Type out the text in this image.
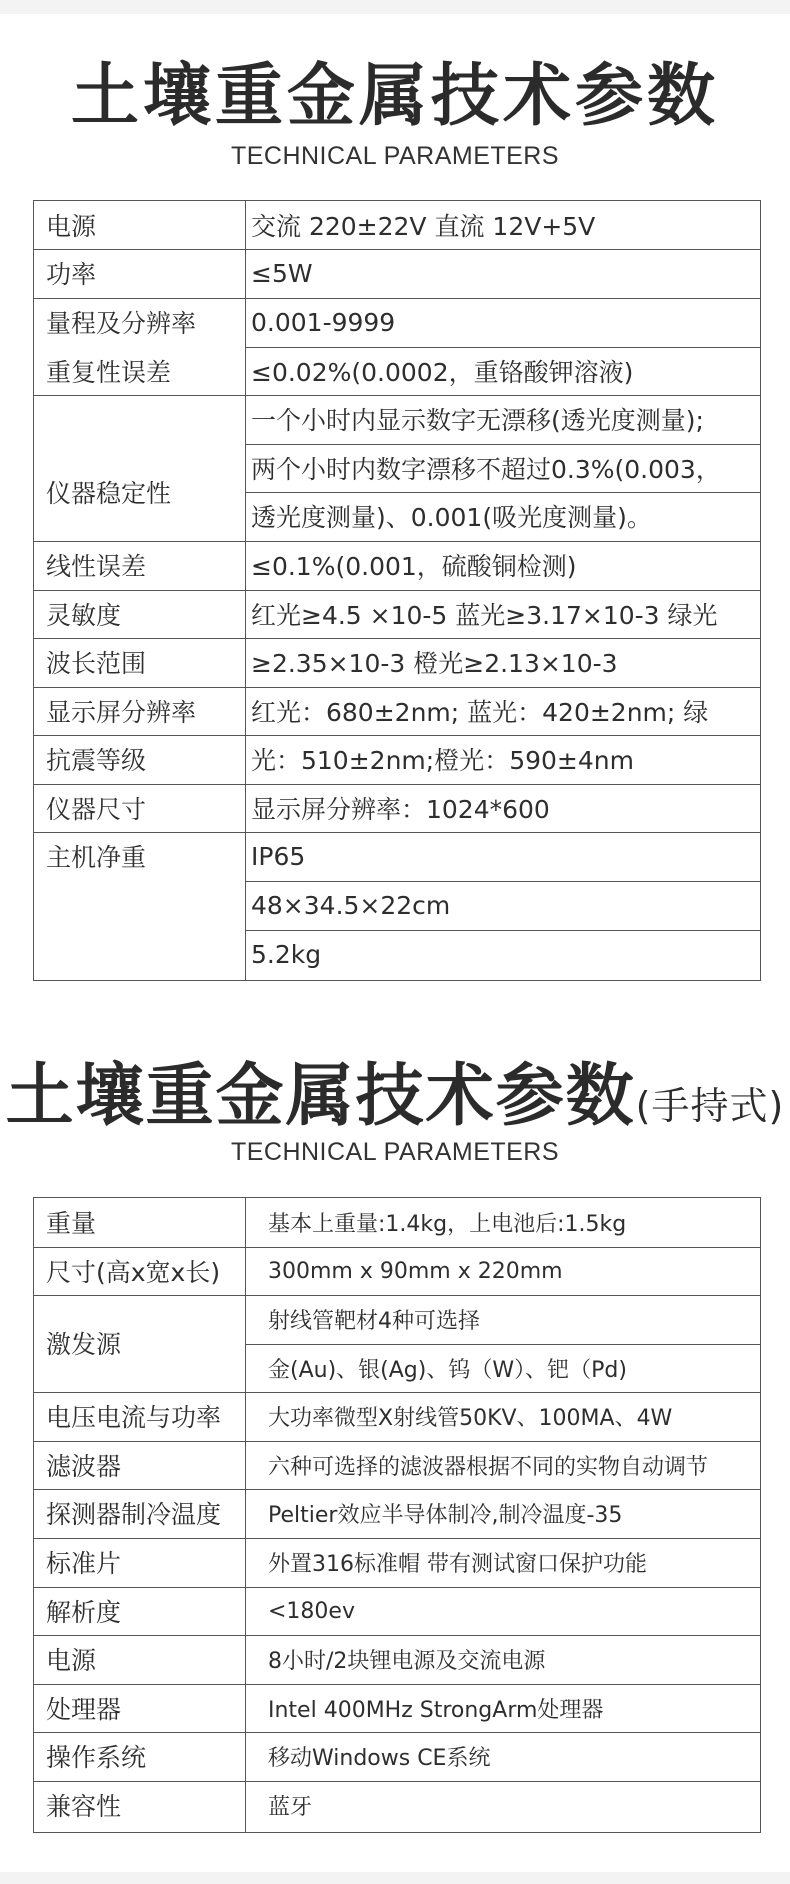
土壤重金属技术参数
TECHNICAL PARAMETERS
电源
功率
量程及分辨率
重复性误差
仪器稳定性
线性误差
灵敏度
波长范围
显示屏分辨率
抗震等级
仪器尺寸
主机净重
交流 220±22V 直流 12V+5V
≤5W
0.001-9999
≤0.02%(0.0002，重铬酸钾溶液)
一个小时内显示数字无漂移(透光度测量);
两个小时内数字漂移不超过0.3%(0.003，
透光度测量)、0.001(吸光度测量)。
≤0.1%(0.001，硫酸铜检测)
红光≥4.5 ×10-5 蓝光≥3.17×10-3 绿光
≥2.35×10-3 橙光≥2.13×10-3
红光：680±2nm; 蓝光：420±2nm; 绿
光：510±2nm;橙光：590±4nm
显示屏分辨率：1024*600
IP65
48×34.5×22cm
5.2kg
土壤重金属技术参数(手持式)
TECHNICAL PARAMETERS
重量
尺寸(高x宽x长)
激发源
电压电流与功率
滤波器
探测器制冷温度
标准片
解析度
电源
处理器
操作系统
兼容性
基本上重量:1.4kg，上电池后:1.5kg
300mm x 90mm x 220mm
射线管靶材4种可选择
金(Au)、银(Ag)、钨（W）、钯（Pd)
大功率微型X射线管50KV、100MA、4W
六种可选择的滤波器根据不同的实物自动调节
Peltier效应半导体制冷,制冷温度-35
外置316标准帽 带有测试窗口保护功能
<180ev
8小时/2块锂电源及交流电源
Intel 400MHz StrongArm处理器
移动Windows CE系统
蓝牙
